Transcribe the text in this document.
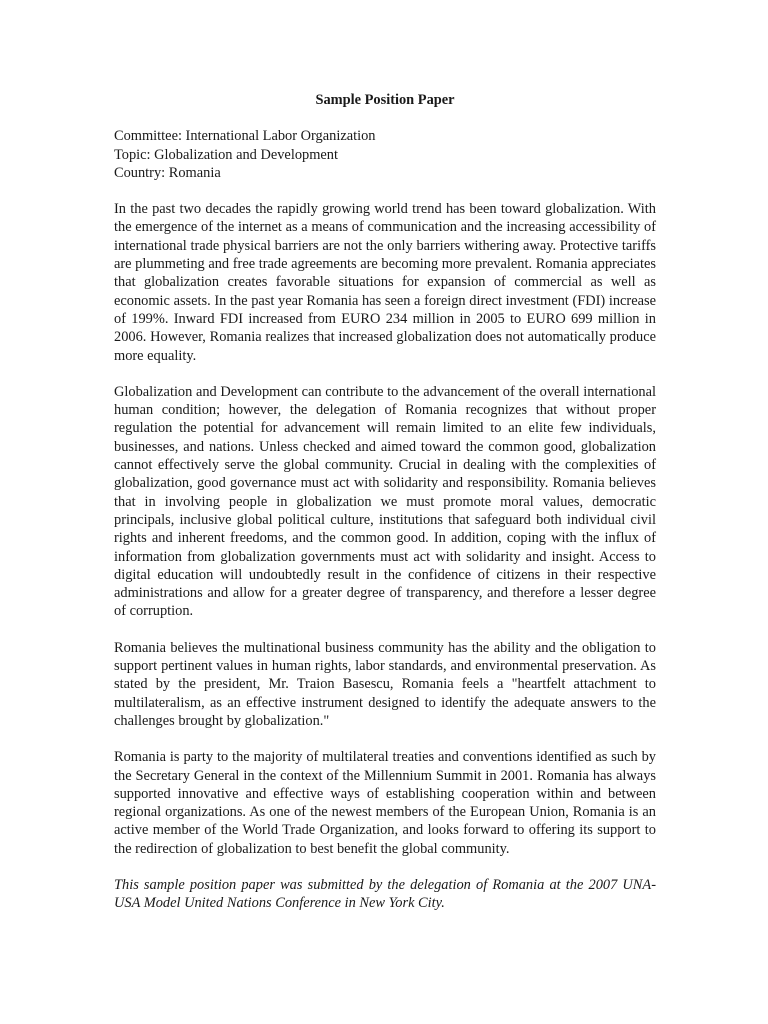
Sample Position Paper
Committee: International Labor Organization
Topic: Globalization and Development
Country: Romania

In the past two decades the rapidly growing world trend has been toward globalization. With the emergence of the internet as a means of communication and the increasing accessibility of international trade physical barriers are not the only barriers withering away. Protective tariffs are plummeting and free trade agreements are becoming more prevalent. Romania appreciates that globalization creates favorable situations for expansion of commercial as well as economic assets. In the past year Romania has seen a foreign direct investment (FDI) increase of 199%. Inward FDI increased from EURO 234 million in 2005 to EURO 699 million in 2006. However, Romania realizes that increased globalization does not automatically produce more equality.

Globalization and Development can contribute to the advancement of the overall international human condition; however, the delegation of Romania recognizes that without proper regulation the potential for advancement will remain limited to an elite few individuals, businesses, and nations. Unless checked and aimed toward the common good, globalization cannot effectively serve the global community. Crucial in dealing with the complexities of globalization, good governance must act with solidarity and responsibility. Romania believes that in involving people in globalization we must promote moral values, democratic principals, inclusive global political culture, institutions that safeguard both individual civil rights and inherent freedoms, and the common good. In addition, coping with the influx of information from globalization governments must act with solidarity and insight. Access to digital education will undoubtedly result in the confidence of citizens in their respective administrations and allow for a greater degree of transparency, and therefore a lesser degree of corruption.

Romania believes the multinational business community has the ability and the obligation to support pertinent values in human rights, labor standards, and environmental preservation. As stated by the president, Mr. Traion Basescu, Romania feels a "heartfelt attachment to multilateralism, as an effective instrument designed to identify the adequate answers to the challenges brought by globalization."

Romania is party to the majority of multilateral treaties and conventions identified as such by the Secretary General in the context of the Millennium Summit in 2001. Romania has always supported innovative and effective ways of establishing cooperation within and between regional organizations. As one of the newest members of the European Union, Romania is an active member of the World Trade Organization, and looks forward to offering its support to the redirection of globalization to best benefit the global community.

This sample position paper was submitted by the delegation of Romania at the 2007 UNA-USA Model United Nations Conference in New York City.
